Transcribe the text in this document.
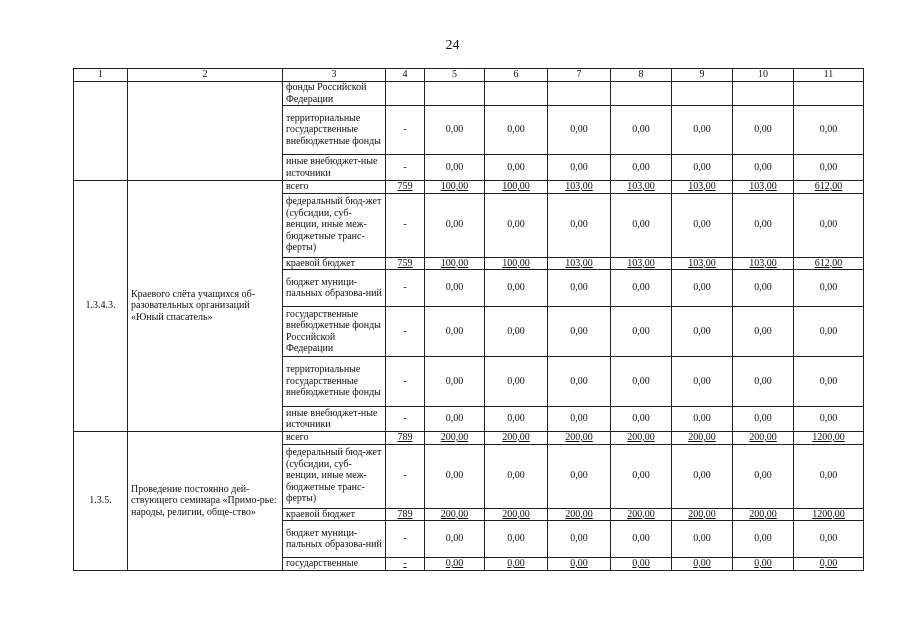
24
1	2	3	4	5	6	7	8	9	10	11
		фонды Российской Федерации								
		территориальные государственные внебюджетные фонды	-	0,00	0,00	0,00	0,00	0,00	0,00	0,00
		иные внебюджет-ные источники	-	0,00	0,00	0,00	0,00	0,00	0,00	0,00
1.3.4.3.	Краевого слёта учащихся об-разовательных организаций «Юный спасатель»	всего	759	100,00	100,00	103,00	103,00	103,00	103,00	612,00
		федеральный бюд-жет (субсидии, суб-венции, иные меж-бюджетные транс-ферты)	-	0,00	0,00	0,00	0,00	0,00	0,00	0,00
		краевой бюджет	759	100,00	100,00	103,00	103,00	103,00	103,00	612,00
		бюджет муници-пальных образова-ний	-	0,00	0,00	0,00	0,00	0,00	0,00	0,00
		государственные внебюджетные фонды Российской Федерации	-	0,00	0,00	0,00	0,00	0,00	0,00	0,00
		территориальные государственные внебюджетные фонды	-	0,00	0,00	0,00	0,00	0,00	0,00	0,00
		иные внебюджет-ные источники	-	0,00	0,00	0,00	0,00	0,00	0,00	0,00
1.3.5.	Проведение постоянно дей-ствующего семинара «Примо-рье: народы, религии, обще-ство»	всего	789	200,00	200,00	200,00	200,00	200,00	200,00	1200,00
		федеральный бюд-жет (субсидии, суб-венции, иные меж-бюджетные транс-ферты)	-	0,00	0,00	0,00	0,00	0,00	0,00	0,00
		краевой бюджет	789	200,00	200,00	200,00	200,00	200,00	200,00	1200,00
		бюджет муници-пальных образова-ний	-	0,00	0,00	0,00	0,00	0,00	0,00	0,00
		государственные	-	0,00	0,00	0,00	0,00	0,00	0,00	0,00
